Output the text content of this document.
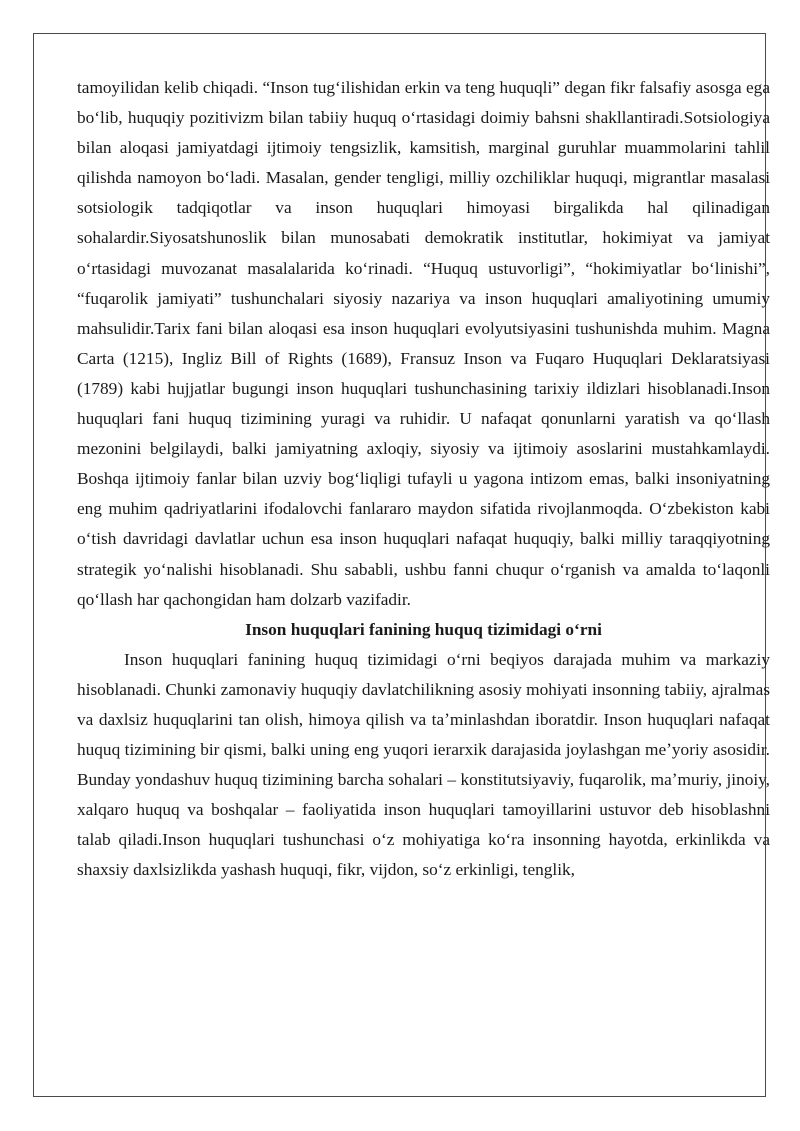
tamoyilidan kelib chiqadi. “Inson tugʻilishidan erkin va teng huquqli” degan fikr falsafiy asosga ega boʻlib, huquqiy pozitivizm bilan tabiiy huquq oʻrtasidagi doimiy bahsni shakllantiradi.Sotsiologiya bilan aloqasi jamiyatdagi ijtimoiy tengsizlik, kamsitish, marginal guruhlar muammolarini tahlil qilishda namoyon boʻladi. Masalan, gender tengligi, milliy ozchiliklar huquqi, migrantlar masalasi sotsiologik tadqiqotlar va inson huquqlari himoyasi birgalikda hal qilinadigan sohalardir.Siyosatshunoslik bilan munosabati demokratik institutlar, hokimiyat va jamiyat oʻrtasidagi muvozanat masalalarida koʻrinadi. “Huquq ustuvorligi”, “hokimiyatlar boʻlinishi”, “fuqarolik jamiyati” tushunchalari siyosiy nazariya va inson huquqlari amaliyotining umumiy mahsulidir.Tarix fani bilan aloqasi esa inson huquqlari evolyutsiyasini tushunishda muhim. Magna Carta (1215), Ingliz Bill of Rights (1689), Fransuz Inson va Fuqaro Huquqlari Deklaratsiyasi (1789) kabi hujjatlar bugungi inson huquqlari tushunchasining tarixiy ildizlari hisoblanadi.Inson huquqlari fani huquq tizimining yuragi va ruhidir. U nafaqat qonunlarni yaratish va qoʻllash mezonini belgilaydi, balki jamiyatning axloqiy, siyosiy va ijtimoiy asoslarini mustahkamlaydi. Boshqa ijtimoiy fanlar bilan uzviy bogʻliqligi tufayli u yagona intizom emas, balki insoniyatning eng muhim qadriyatlarini ifodalovchi fanlararo maydon sifatida rivojlanmoqda. Oʻzbekiston kabi oʻtish davridagi davlatlar uchun esa inson huquqlari nafaqat huquqiy, balki milliy taraqqiyotning strategik yoʻnalishi hisoblanadi. Shu sababli, ushbu fanni chuqur oʻrganish va amalda toʻlaqonli qoʻllash har qachongidan ham dolzarb vazifadir.

Inson huquqlari fanining huquq tizimidagi oʻrni

Inson huquqlari fanining huquq tizimidagi oʻrni beqiyos darajada muhim va markaziy hisoblanadi. Chunki zamonaviy huquqiy davlatchilikning asosiy mohiyati insonning tabiiy, ajralmas va daxlsiz huquqlarini tan olish, himoya qilish va taʼminlashdan iboratdir. Inson huquqlari nafaqat huquq tizimining bir qismi, balki uning eng yuqori ierarxik darajasida joylashgan meʼyoriy asosidir. Bunday yondashuv huquq tizimining barcha sohalari – konstitutsiyaviy, fuqarolik, maʼmuriy, jinoiy, xalqaro huquq va boshqalar – faoliyatida inson huquqlari tamoyillarini ustuvor deb hisoblashni talab qiladi.Inson huquqlari tushunchasi oʻz mohiyatiga koʻra insonning hayotda, erkinlikda va shaxsiy daxlsizlikda yashash huquqi, fikr, vijdon, soʻz erkinligi, tenglik,
